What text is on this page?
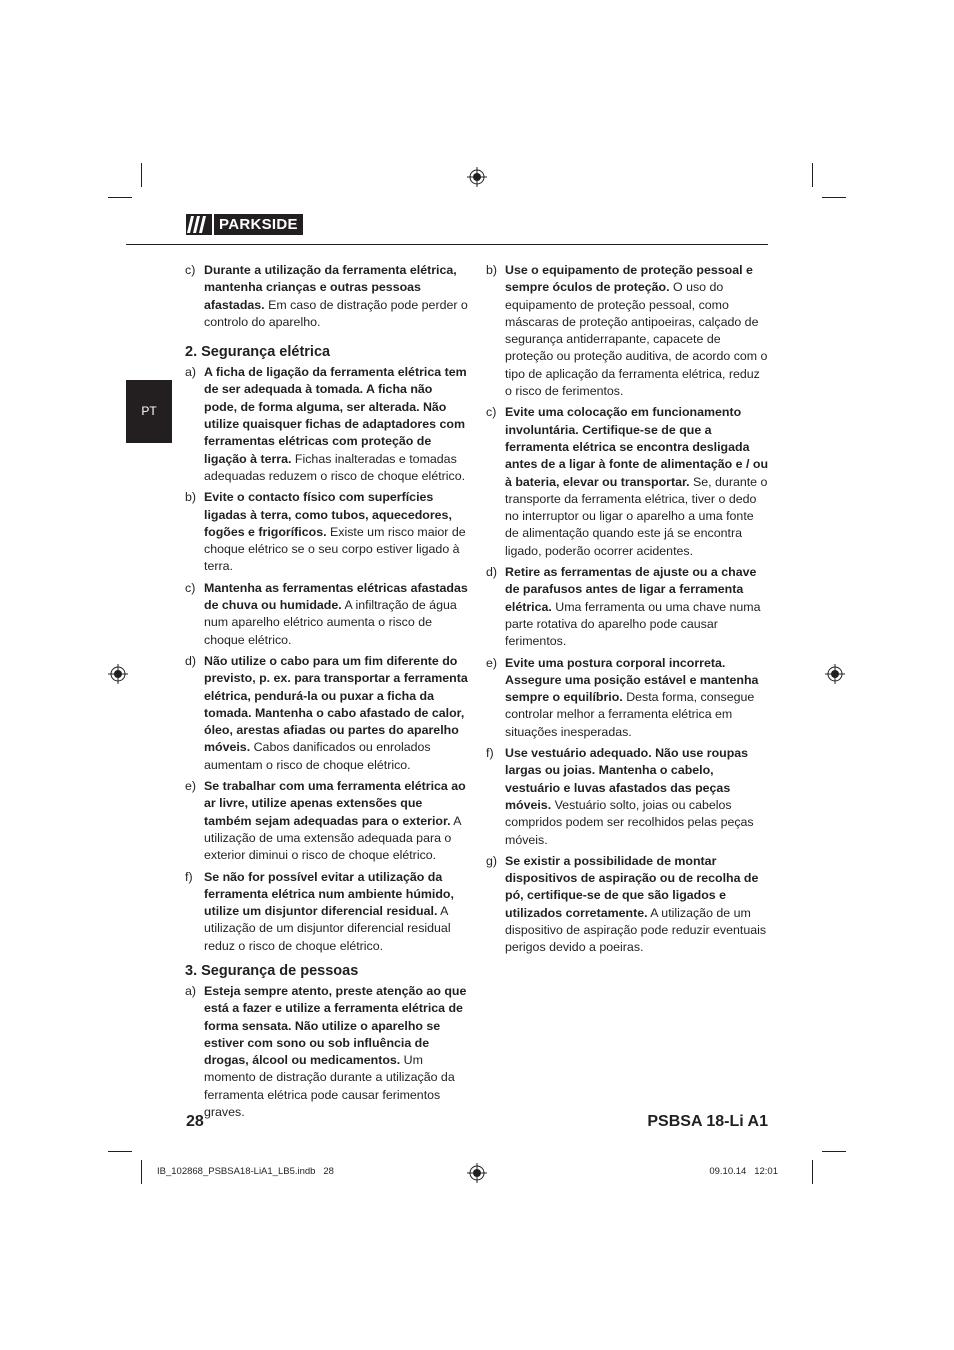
PARKSIDE
PT
c) Durante a utilização da ferramenta elétrica, mantenha crianças e outras pessoas afastadas. Em caso de distração pode perder o controlo do aparelho.
2. Segurança elétrica
a) A ficha de ligação da ferramenta elétrica tem de ser adequada à tomada. A ficha não pode, de forma alguma, ser alterada. Não utilize quaisquer fichas de adaptadores com ferramentas elétricas com proteção de ligação à terra. Fichas inalteradas e tomadas adequadas reduzem o risco de choque elétrico.
b) Evite o contacto físico com superfícies ligadas à terra, como tubos, aquecedores, fogões e frigoríficos. Existe um risco maior de choque elétrico se o seu corpo estiver ligado à terra.
c) Mantenha as ferramentas elétricas afastadas de chuva ou humidade. A infiltração de água num aparelho elétrico aumenta o risco de choque elétrico.
d) Não utilize o cabo para um fim diferente do previsto, p. ex. para transportar a ferramenta elétrica, pendurá-la ou puxar a ficha da tomada. Mantenha o cabo afastado de calor, óleo, arestas afiadas ou partes do aparelho móveis. Cabos danificados ou enrolados aumentam o risco de choque elétrico.
e) Se trabalhar com uma ferramenta elétrica ao ar livre, utilize apenas extensões que também sejam adequadas para o exterior. A utilização de uma extensão adequada para o exterior diminui o risco de choque elétrico.
f) Se não for possível evitar a utilização da ferramenta elétrica num ambiente húmido, utilize um disjuntor diferencial residual. A utilização de um disjuntor diferencial residual reduz o risco de choque elétrico.
3. Segurança de pessoas
a) Esteja sempre atento, preste atenção ao que está a fazer e utilize a ferramenta elétrica de forma sensata. Não utilize o aparelho se estiver com sono ou sob influência de drogas, álcool ou medicamentos. Um momento de distração durante a utilização da ferramenta elétrica pode causar ferimentos graves.
b) Use o equipamento de proteção pessoal e sempre óculos de proteção. O uso do equipamento de proteção pessoal, como máscaras de proteção antipoeiras, calçado de segurança antiderrapante, capacete de proteção ou proteção auditiva, de acordo com o tipo de aplicação da ferramenta elétrica, reduz o risco de ferimentos.
c) Evite uma colocação em funcionamento involuntária. Certifique-se de que a ferramenta elétrica se encontra desligada antes de a ligar à fonte de alimentação e / ou à bateria, elevar ou transportar. Se, durante o transporte da ferramenta elétrica, tiver o dedo no interruptor ou ligar o aparelho a uma fonte de alimentação quando este já se encontra ligado, poderão ocorrer acidentes.
d) Retire as ferramentas de ajuste ou a chave de parafusos antes de ligar a ferramenta elétrica. Uma ferramenta ou uma chave numa parte rotativa do aparelho pode causar ferimentos.
e) Evite uma postura corporal incorreta. Assegure uma posição estável e mantenha sempre o equilíbrio. Desta forma, consegue controlar melhor a ferramenta elétrica em situações inesperadas.
f) Use vestuário adequado. Não use roupas largas ou joias. Mantenha o cabelo, vestuário e luvas afastados das peças móveis. Vestuário solto, joias ou cabelos compridos podem ser recolhidos pelas peças móveis.
g) Se existir a possibilidade de montar dispositivos de aspiração ou de recolha de pó, certifique-se de que são ligados e utilizados corretamente. A utilização de um dispositivo de aspiração pode reduzir eventuais perigos devido a poeiras.
28	PSBSA 18-Li A1
IB_102868_PSBSA18-LiA1_LB5.indb   28	09.10.14   12:01
